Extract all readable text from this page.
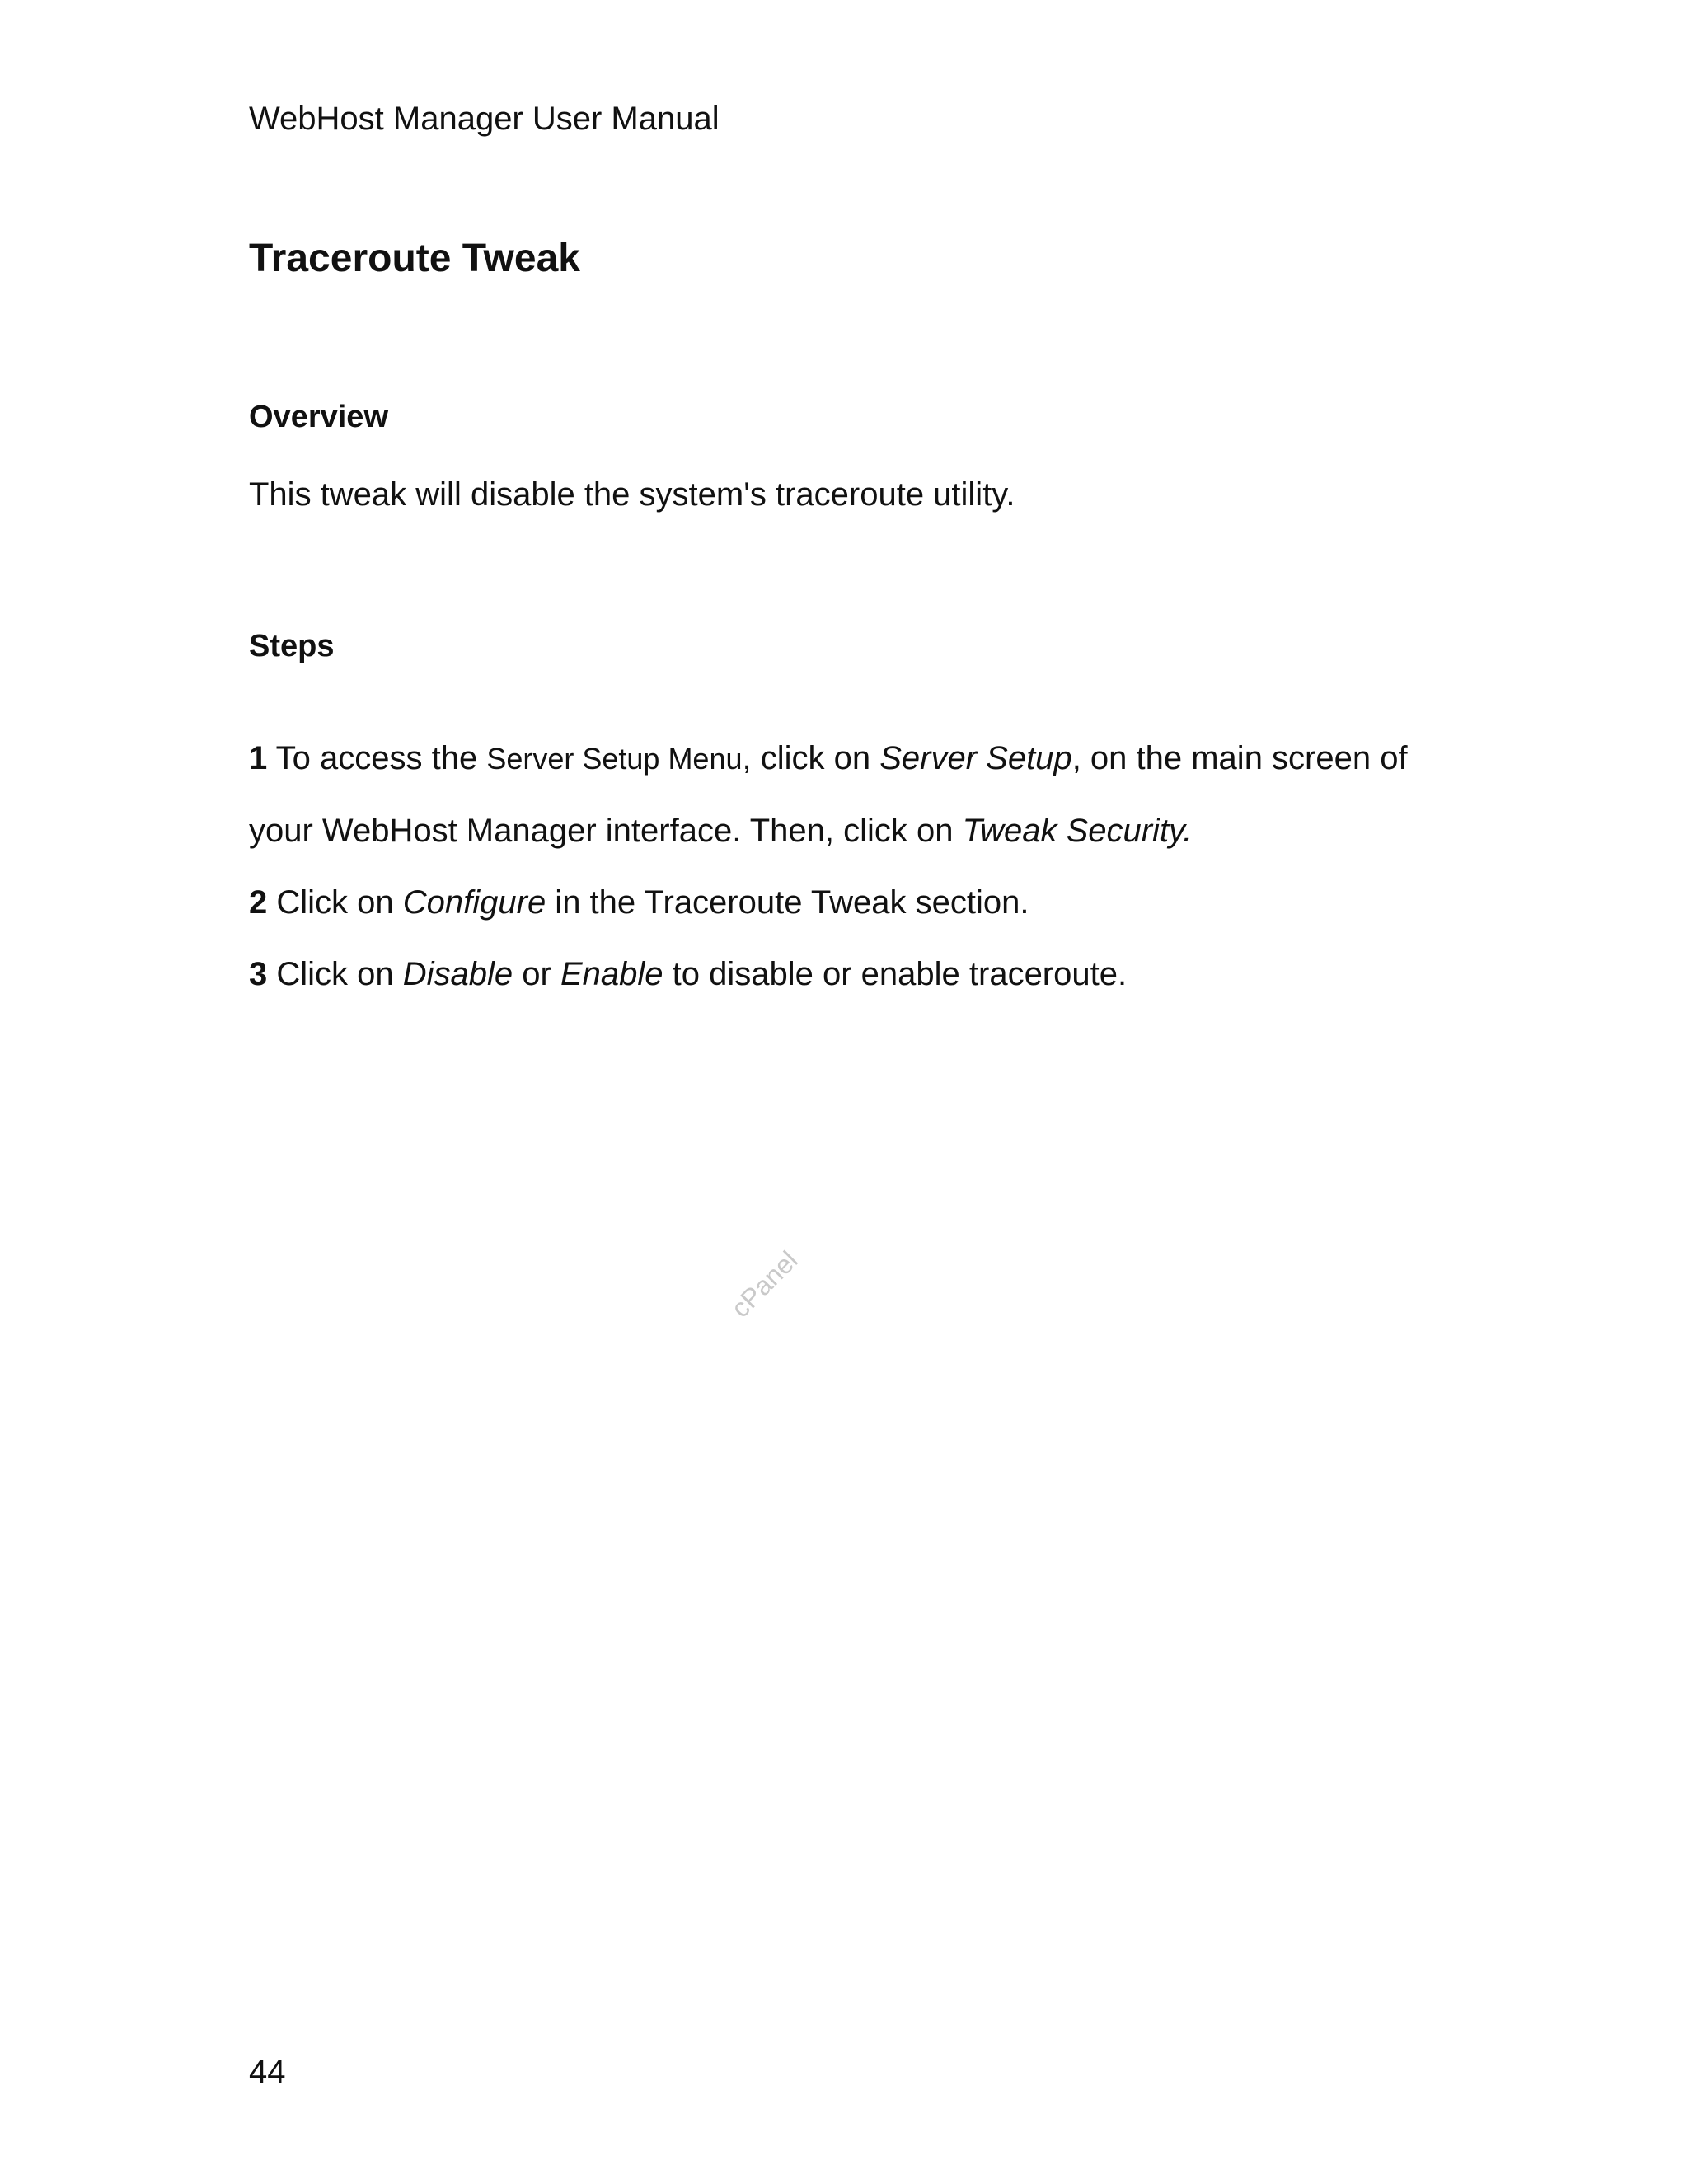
WebHost Manager User Manual
Traceroute Tweak
Overview

This tweak will disable the system's traceroute utility.

Steps

1 To access the Server Setup Menu, click on Server Setup, on the main screen of

your WebHost Manager interface. Then, click on Tweak Security.

2 Click on Configure in the Traceroute Tweak section.

3 Click on Disable or Enable to disable or enable traceroute.

cPanel
44
